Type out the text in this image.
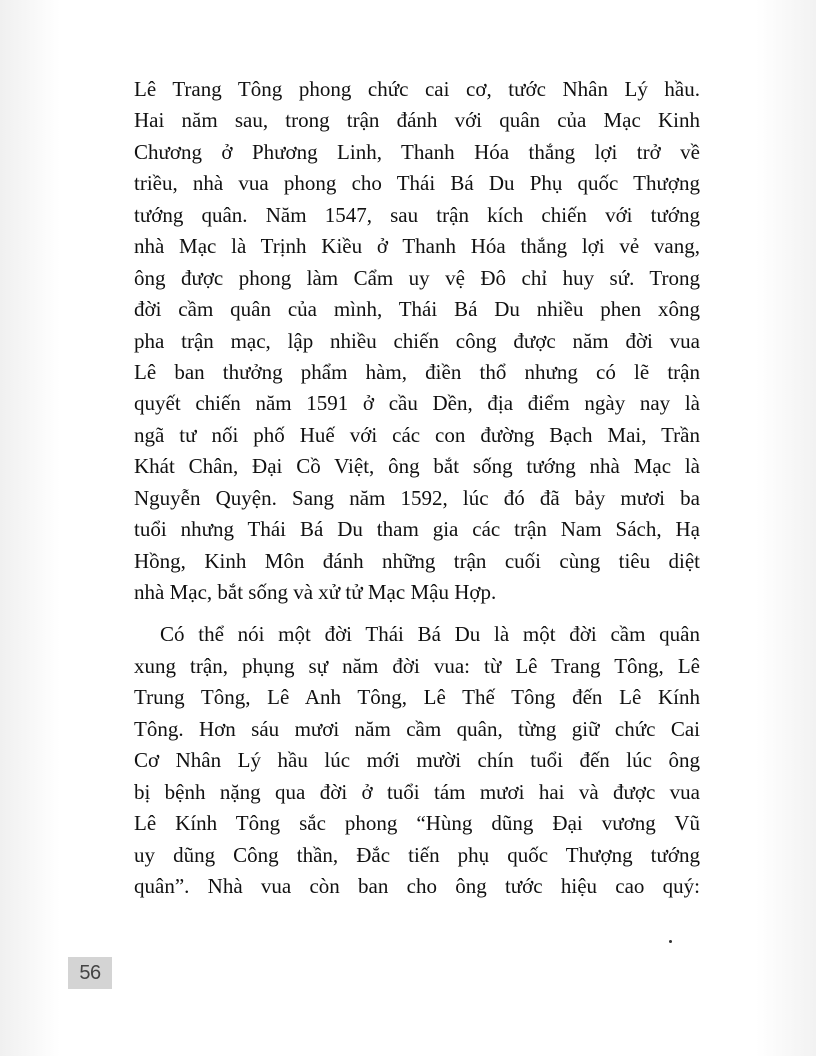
Lê Trang Tông phong chức cai cơ, tước Nhân Lý hầu.
Hai năm sau, trong trận đánh với quân của Mạc Kinh
Chương ở Phương Linh, Thanh Hóa thắng lợi trở về
triều, nhà vua phong cho Thái Bá Du Phụ quốc Thượng
tướng quân. Năm 1547, sau trận kích chiến với tướng
nhà Mạc là Trịnh Kiều ở Thanh Hóa thắng lợi vẻ vang,
ông được phong làm Cẩm uy vệ Đô chỉ huy sứ. Trong
đời cầm quân của mình, Thái Bá Du nhiều phen xông
pha trận mạc, lập nhiều chiến công được năm đời vua
Lê ban thưởng phẩm hàm, điền thổ nhưng có lẽ trận
quyết chiến năm 1591 ở cầu Dền, địa điểm ngày nay là
ngã tư nối phố Huế với các con đường Bạch Mai, Trần
Khát Chân, Đại Cồ Việt, ông bắt sống tướng nhà Mạc là
Nguyễn Quyện. Sang năm 1592, lúc đó đã bảy mươi ba
tuổi nhưng Thái Bá Du tham gia các trận Nam Sách, Hạ
Hồng, Kinh Môn đánh những trận cuối cùng tiêu diệt
nhà Mạc, bắt sống và xử tử Mạc Mậu Hợp.
Có thể nói một đời Thái Bá Du là một đời cầm quân
xung trận, phụng sự năm đời vua: từ Lê Trang Tông, Lê
Trung Tông, Lê Anh Tông, Lê Thế Tông đến Lê Kính
Tông. Hơn sáu mươi năm cầm quân, từng giữ chức Cai
Cơ Nhân Lý hầu lúc mới mười chín tuổi đến lúc ông
bị bệnh nặng qua đời ở tuổi tám mươi hai và được vua
Lê Kính Tông sắc phong “Hùng dũng Đại vương Vũ
uy dũng Công thần, Đắc tiến phụ quốc Thượng tướng
quân”. Nhà vua còn ban cho ông tước hiệu cao quý:
56
